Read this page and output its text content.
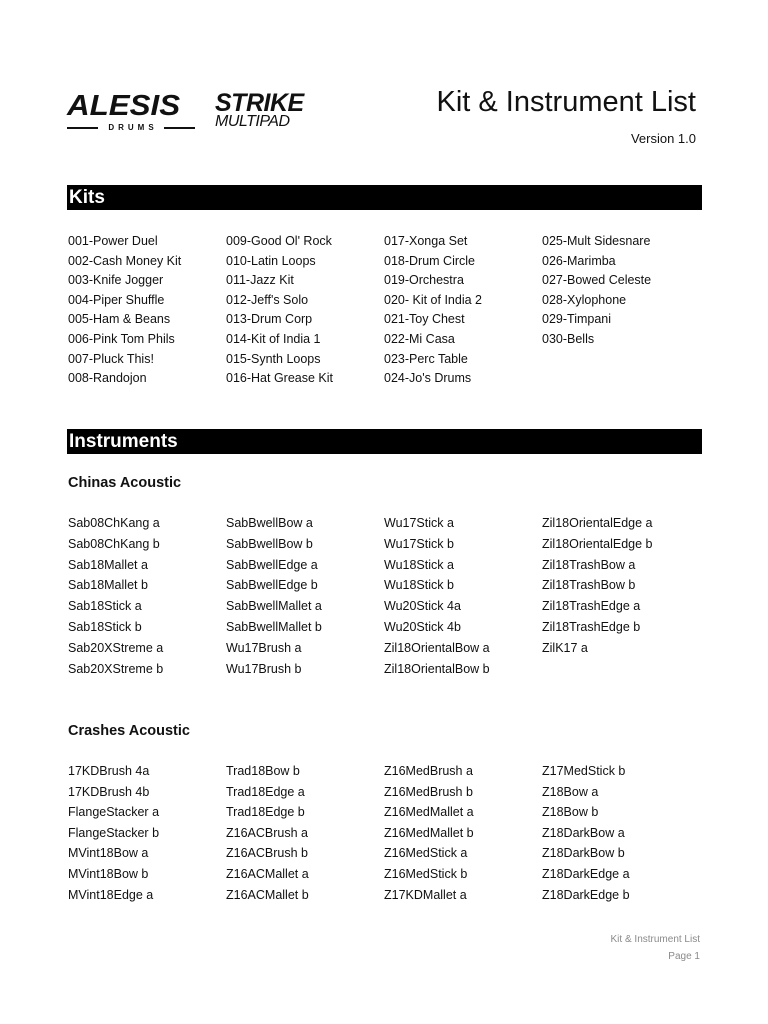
ALESIS
DRUMS
STRIKE
MULTIPAD
Kit & Instrument List
Version 1.0
Kits
001-Power Duel
002-Cash Money Kit
003-Knife Jogger
004-Piper Shuffle
005-Ham & Beans
006-Pink Tom Phils
007-Pluck This!
008-Randojon
009-Good Ol' Rock
010-Latin Loops
011-Jazz Kit
012-Jeff's Solo
013-Drum Corp
014-Kit of India 1
015-Synth Loops
016-Hat Grease Kit
017-Xonga Set
018-Drum Circle
019-Orchestra
020- Kit of India 2
021-Toy Chest
022-Mi Casa
023-Perc Table
024-Jo's Drums
025-Mult Sidesnare
026-Marimba
027-Bowed Celeste
028-Xylophone
029-Timpani
030-Bells
Instruments
Chinas Acoustic
Sab08ChKang a
Sab08ChKang b
Sab18Mallet a
Sab18Mallet b
Sab18Stick a
Sab18Stick b
Sab20XStreme a
Sab20XStreme b
SabBwellBow a
SabBwellBow b
SabBwellEdge a
SabBwellEdge b
SabBwellMallet a
SabBwellMallet b
Wu17Brush a
Wu17Brush b
Wu17Stick a
Wu17Stick b
Wu18Stick a
Wu18Stick b
Wu20Stick 4a
Wu20Stick 4b
Zil18OrientalBow a
Zil18OrientalBow b
Zil18OrientalEdge a
Zil18OrientalEdge b
Zil18TrashBow a
Zil18TrashBow b
Zil18TrashEdge a
Zil18TrashEdge b
ZilK17 a
Crashes Acoustic
17KDBrush 4a
17KDBrush 4b
FlangeStacker a
FlangeStacker b
MVint18Bow a
MVint18Bow b
MVint18Edge a
Trad18Bow b
Trad18Edge a
Trad18Edge b
Z16ACBrush a
Z16ACBrush b
Z16ACMallet a
Z16ACMallet b
Z16MedBrush a
Z16MedBrush b
Z16MedMallet a
Z16MedMallet b
Z16MedStick a
Z16MedStick b
Z17KDMallet a
Z17MedStick b
Z18Bow a
Z18Bow b
Z18DarkBow a
Z18DarkBow b
Z18DarkEdge a
Z18DarkEdge b
Kit & Instrument List
Page 1
